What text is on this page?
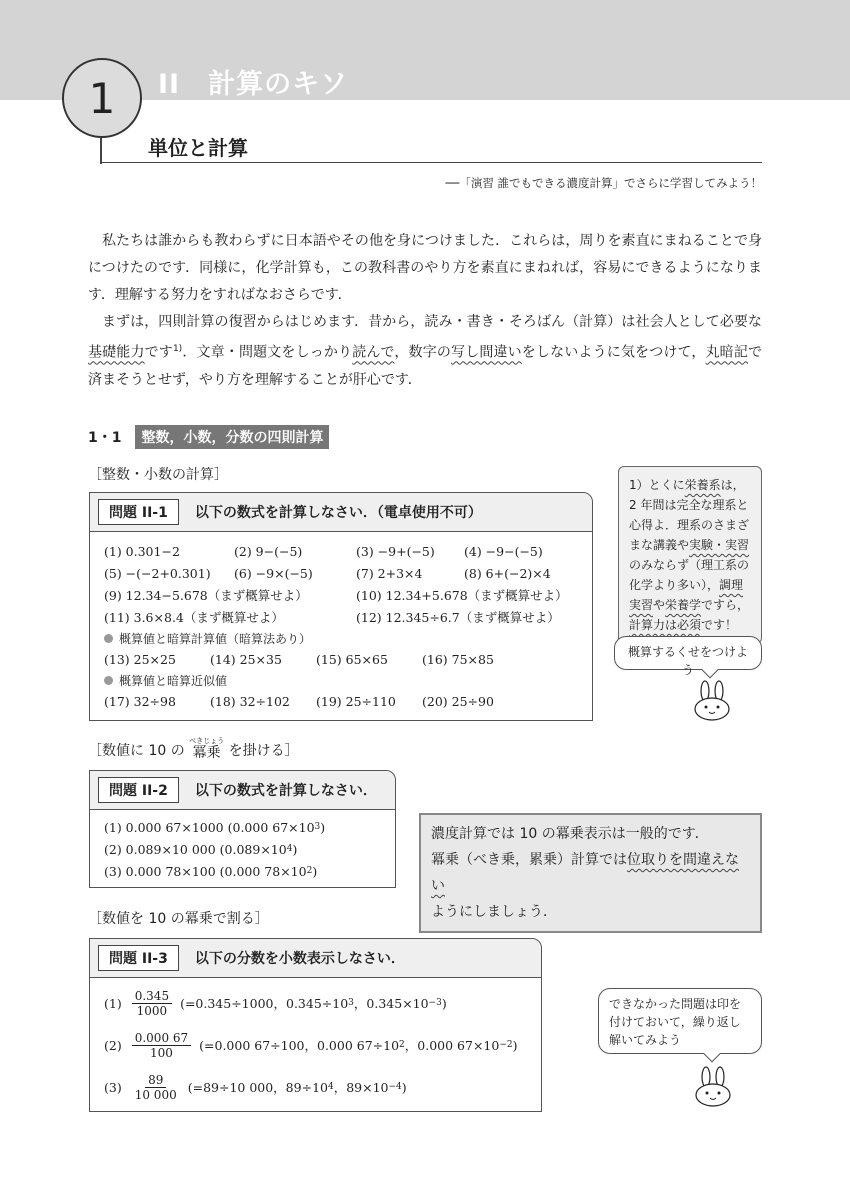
1	II 計算のキソ
単位と計算
──「演習 誰でもできる濃度計算」でさらに学習してみよう！

私たちは誰からも教わらずに日本語やその他を身につけました．これらは，周りを素直にまねることで身につけたのです．同様に，化学計算も，この教科書のやり方を素直にまねれば，容易にできるようになります．理解する努力をすればなおさらです．

まずは，四則計算の復習からはじめます．昔から，読み・書き・そろばん（計算）は社会人として必要な基礎能力です$^{1)}$．文章・問題文をしっかり読んで，数字の写し間違いをしないように気をつけて，丸暗記で済まそうとせず，やり方を理解することが肝心です．

1・1	整数，小数，分数の四則計算
［整数・小数の計算］
問題 II-1	以下の数式を計算しなさい．（電卓使用不可）
(1) 0.301−2	(2) 9−(−5)	(3) −9+(−5)	(4) −9−(−5)
(5) −(−2+0.301)	(6) −9×(−5)	(7) 2+3×4	(8) 6+(−2)×4
(9) 12.34−5.678（まず概算せよ）	(10) 12.34+5.678（まず概算せよ）
(11) 3.6×8.4（まず概算せよ）	(12) 12.345÷6.7（まず概算せよ）
概算値と暗算計算値（暗算法あり）
(13) 25×25	(14) 25×35	(15) 65×65	(16) 75×85
概算値と暗算近似値
(17) 32÷98	(18) 32÷102	(19) 25÷110	(20) 25÷90
1）とくに栄養系は，2 年間は完全な理系と心得よ．理系のさまざまな講義や実験・実習のみならず（理工系の化学より多い），調理実習や栄養学ですら，計算力は必須です！
概算するくせをつけよう
［数値に 10 の
べきじょう
冪乗 を掛ける］
問題 II-2	以下の数式を計算しなさい．
(1) 0.000 67×1000
(0.000 67×10 3 )
(2) 0.089×10 000
(0.089×10 4 )
(3) 0.000 78×100
(0.000 78×10 2 )
濃度計算では 10 の冪乗表示は一般的です．
冪乗（べき乗，累乗）計算では位取りを間違えない
ようにしましょう．
［数値を 10 の冪乗で割る］
問題 II-3	以下の分数を小数表示しなさい．
$(1) \frac{0.345}{1000} (=0.345\div 1000$，0.345÷10 3 ，0.345×10 −3 )
$(2) \frac{0.000 67}{100} (=0.000$ 67÷100，0.000 67÷10 2 ，0.000 67×10 −2 )
$(3) \frac{89}{10 000} (=89\div 10$ 000，89÷10 4 ，89×10 −4 )
できなかった問題は印を付けておいて，繰り返し解いてみよう
